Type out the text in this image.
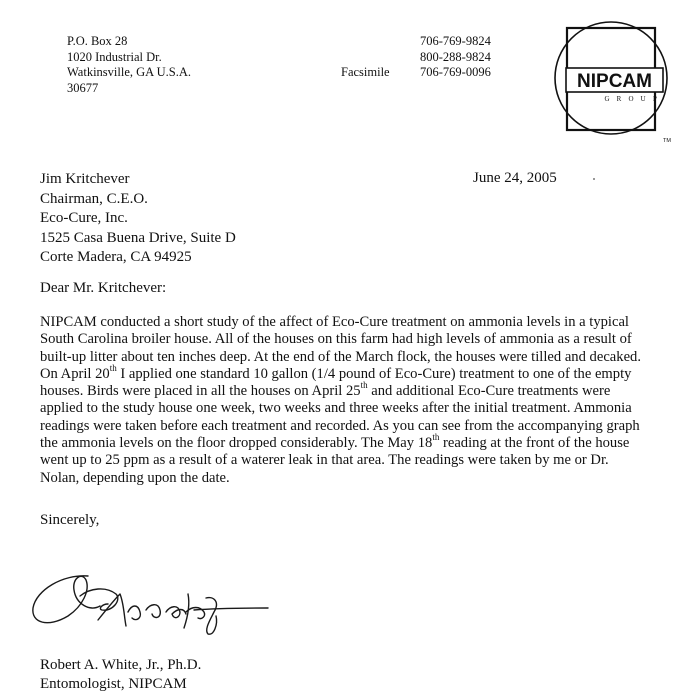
P.O. Box 28
1020 Industrial Dr.
Watkinsville, GA U.S.A.
30677
706-769-9824
800-288-9824
706-769-0096
Facsimile	NIPCAM
G R O U P
TM
Jim Kritchever
Chairman, C.E.O.
Eco-Cure, Inc.
1525 Casa Buena Drive, Suite D
Corte Madera, CA 94925
June 24, 2005
Dear Mr. Kritchever:
NIPCAM conducted a short study of the affect of Eco-Cure treatment on ammonia levels in a typical
South Carolina broiler house. All of the houses on this farm had high levels of ammonia as a result of
built-up litter about ten inches deep. At the end of the March flock, the houses were tilled and decaked.
On April 20th I applied one standard 10 gallon (1/4 pound of Eco-Cure) treatment to one of the empty
houses. Birds were placed in all the houses on April 25th and additional Eco-Cure treatments were
applied to the study house one week, two weeks and three weeks after the initial treatment. Ammonia
readings were taken before each treatment and recorded. As you can see from the accompanying graph
the ammonia levels on the floor dropped considerably. The May 18th reading at the front of the house
went up to 25 ppm as a result of a waterer leak in that area. The readings were taken by me or Dr.
Nolan, depending upon the date.
Sincerely,
Robert A. White, Jr., Ph.D.
Entomologist, NIPCAM
